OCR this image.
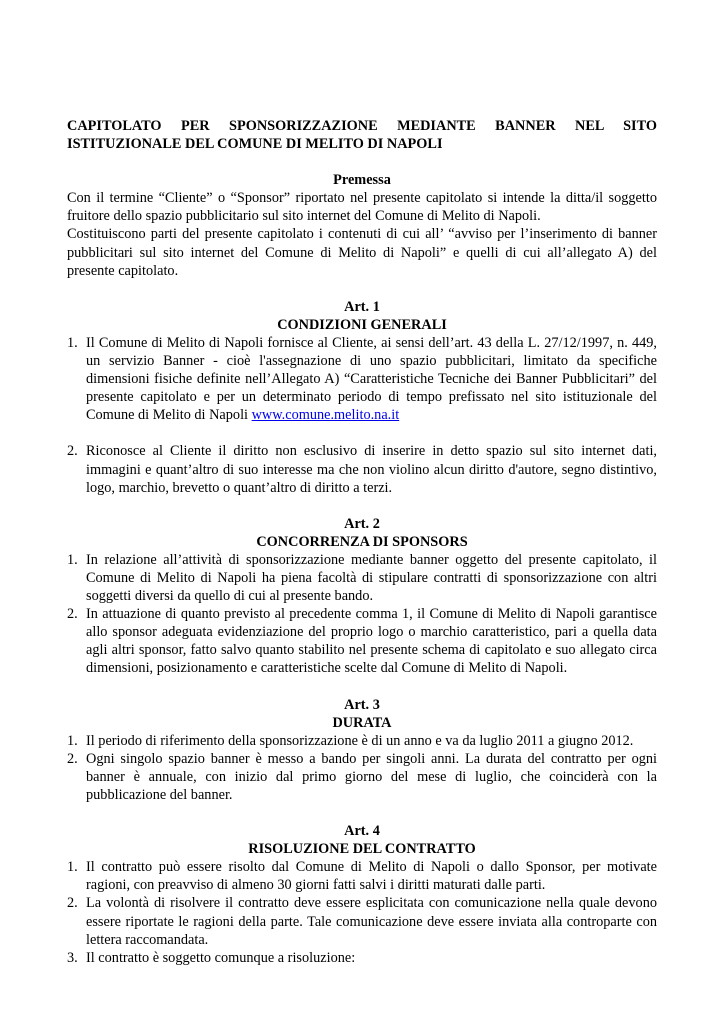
CAPITOLATO PER SPONSORIZZAZIONE MEDIANTE BANNER NEL SITO
ISTITUZIONALE DEL COMUNE DI MELITO DI NAPOLI

Premessa

Con il termine “Cliente” o “Sponsor” riportato nel presente capitolato si intende la ditta/il soggetto fruitore dello spazio pubblicitario sul sito internet del Comune di Melito di Napoli.

Costituiscono parti del presente capitolato i contenuti di cui all’ “avviso per l’inserimento di banner pubblicitari sul sito internet del Comune di Melito di Napoli” e quelli di cui all’allegato A) del presente capitolato.

Art. 1

CONDIZIONI GENERALI

1. Il Comune di Melito di Napoli fornisce al Cliente, ai sensi dell’art. 43 della L. 27/12/1997, n. 449, un servizio Banner - cioè l'assegnazione di uno spazio pubblicitari, limitato da specifiche dimensioni fisiche definite nell’Allegato A) “Caratteristiche Tecniche dei Banner Pubblicitari” del presente capitolato e per un determinato periodo di tempo prefissato nel sito istituzionale del Comune di Melito di Napoli www.comune.melito.na.it
2. Riconosce al Cliente il diritto non esclusivo di inserire in detto spazio sul sito internet dati, immagini e quant’altro di suo interesse ma che non violino alcun diritto d'autore, segno distintivo, logo, marchio, brevetto o quant’altro di diritto a terzi.

Art. 2

CONCORRENZA DI SPONSORS

1. In relazione all’attività di sponsorizzazione mediante banner oggetto del presente capitolato, il Comune di Melito di Napoli ha piena facoltà di stipulare contratti di sponsorizzazione con altri soggetti diversi da quello di cui al presente bando.
2. In attuazione di quanto previsto al precedente comma 1, il Comune di Melito di Napoli garantisce allo sponsor adeguata evidenziazione del proprio logo o marchio caratteristico, pari a quella data agli altri sponsor, fatto salvo quanto stabilito nel presente schema di capitolato e suo allegato circa dimensioni, posizionamento e caratteristiche scelte dal Comune di Melito di Napoli.

Art. 3

DURATA

1. Il periodo di riferimento della sponsorizzazione è di un anno e va da luglio 2011 a giugno 2012.
2. Ogni singolo spazio banner è messo a bando per singoli anni. La durata del contratto per ogni banner è annuale, con inizio dal primo giorno del mese di luglio, che coinciderà con la pubblicazione del banner.

Art. 4

RISOLUZIONE DEL CONTRATTO

1. Il contratto può essere risolto dal Comune di Melito di Napoli o dallo Sponsor, per motivate ragioni, con preavviso di almeno 30 giorni fatti salvi i diritti maturati dalle parti.
2. La volontà di risolvere il contratto deve essere esplicitata con comunicazione nella quale devono essere riportate le ragioni della parte. Tale comunicazione deve essere inviata alla controparte con lettera raccomandata.
3. Il contratto è soggetto comunque a risoluzione:
